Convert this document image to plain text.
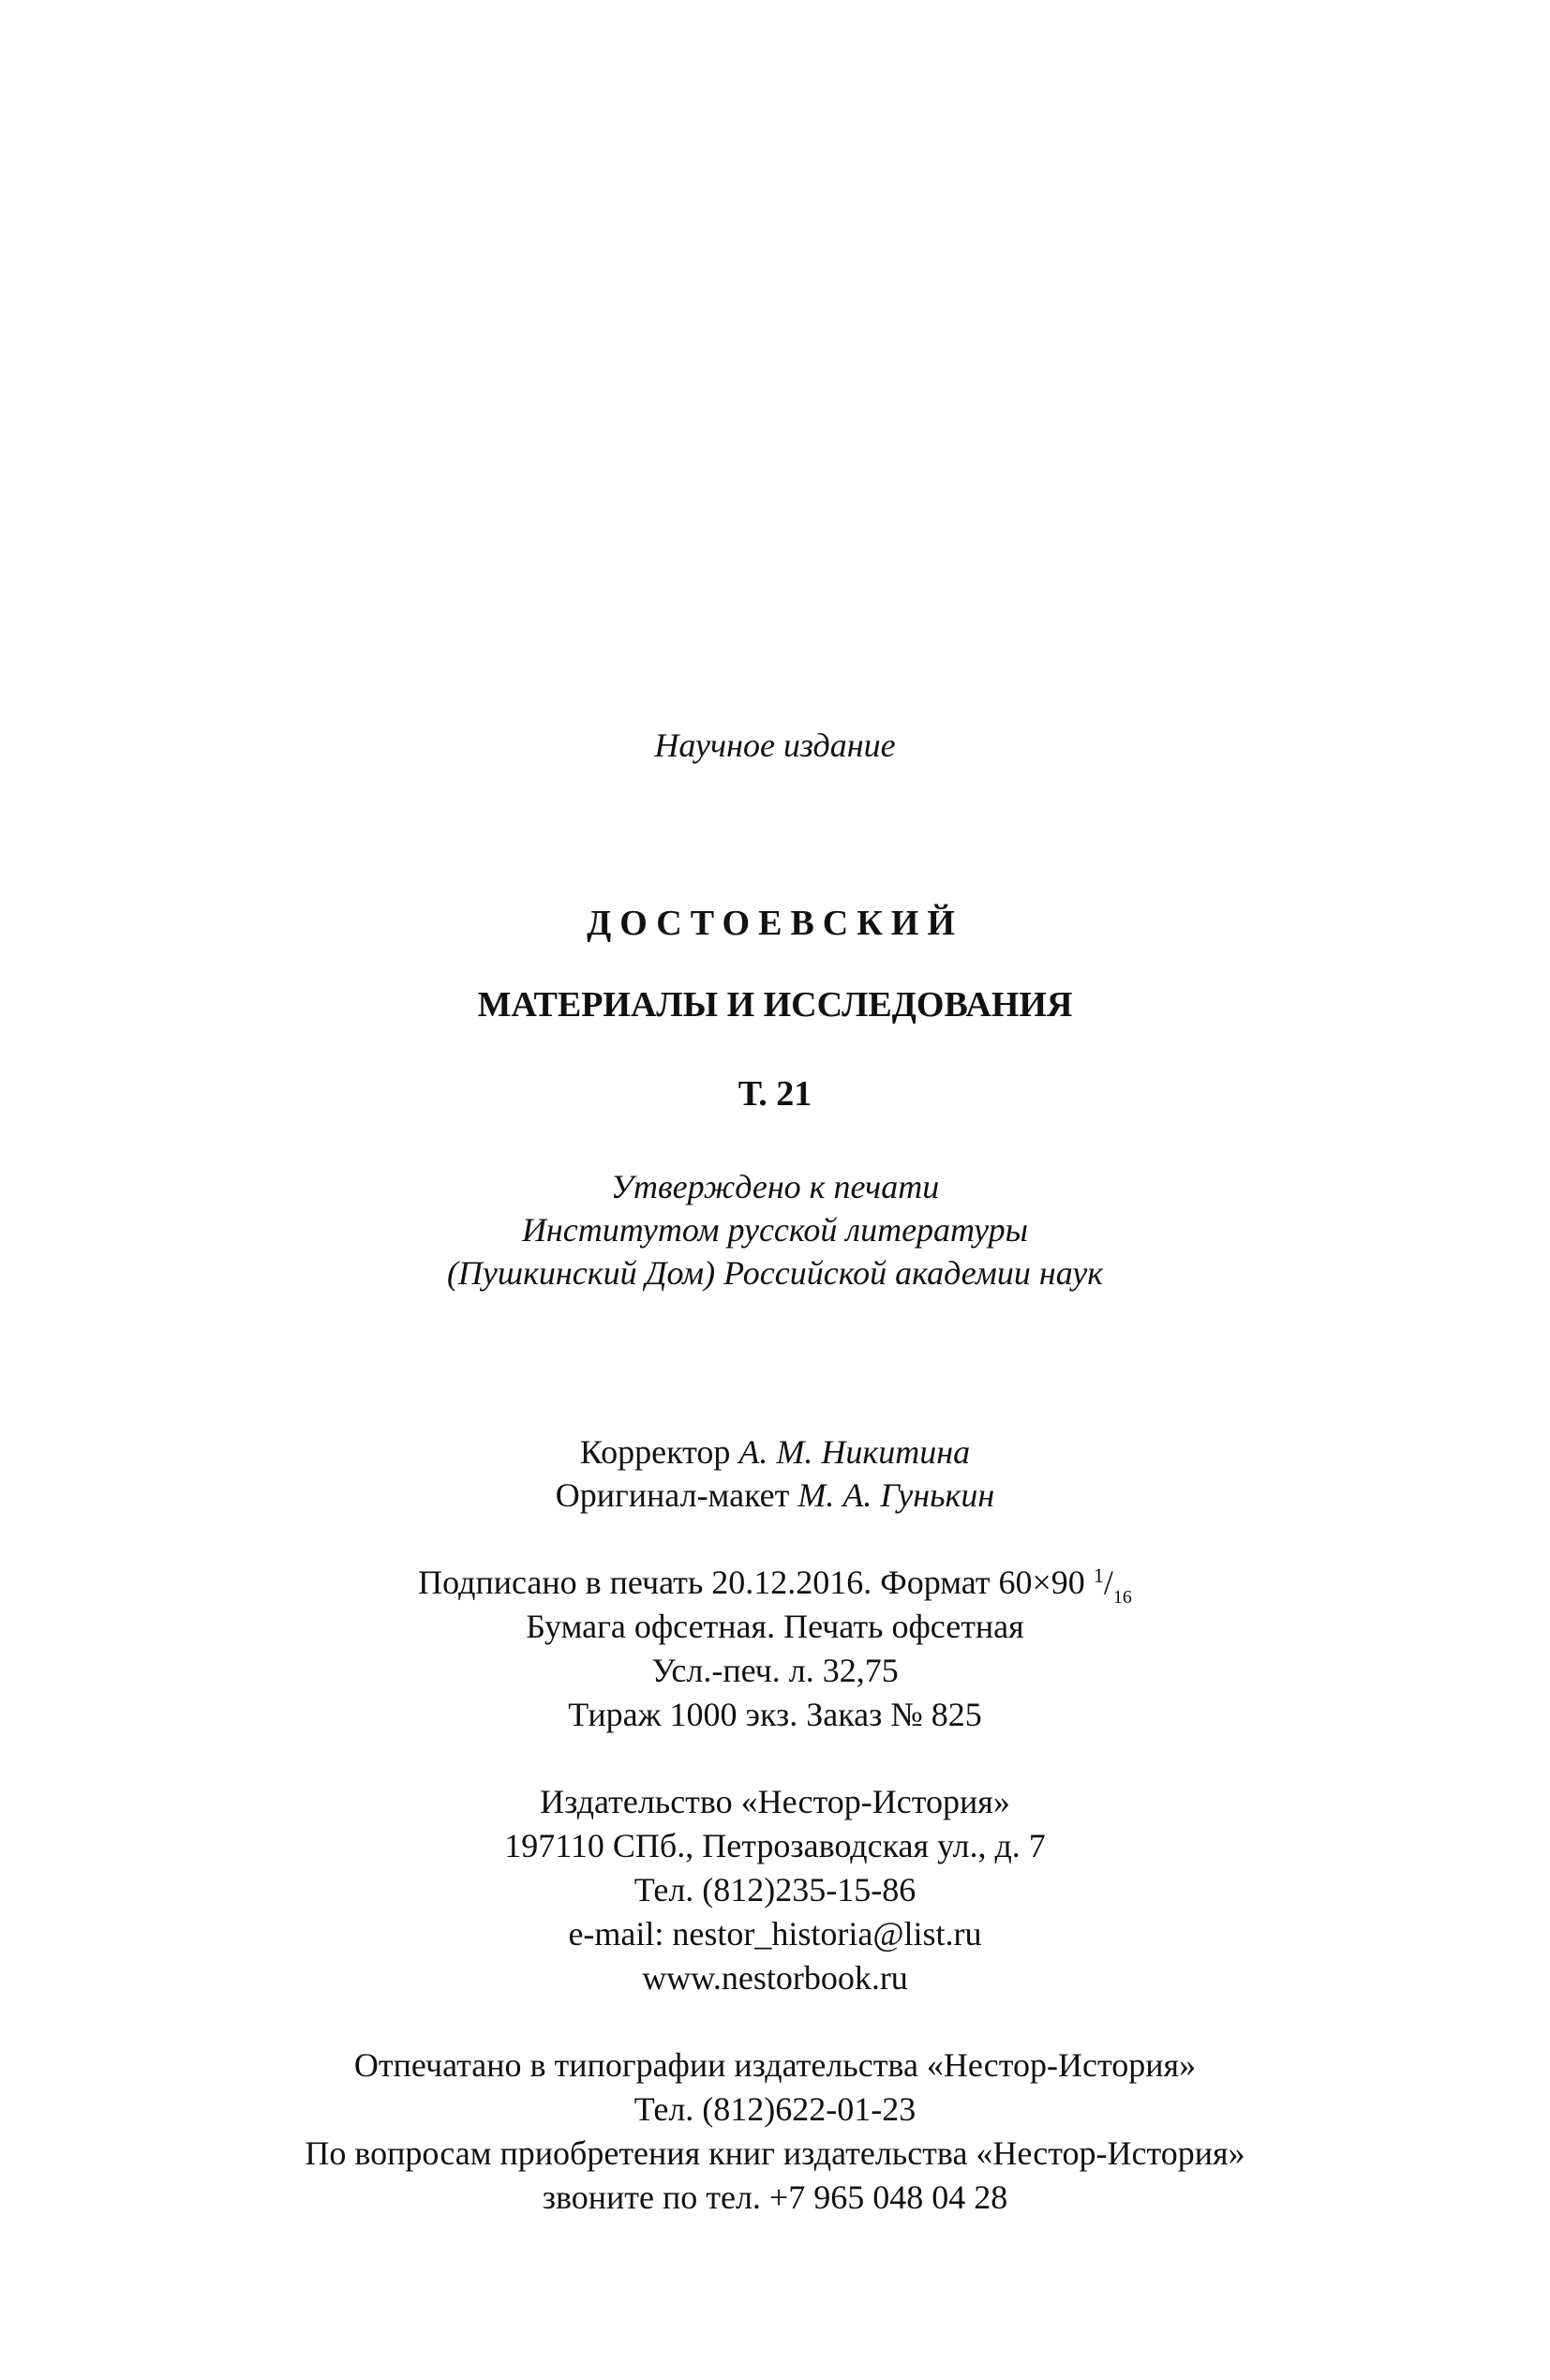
Научное издание
ДОСТОЕВСКИЙ
МАТЕРИАЛЫ И ИССЛЕДОВАНИЯ
Т. 21
Утверждено к печати
Институтом русской литературы
(Пушкинский Дом) Российской академии наук
Корректор А. М. Никитина
Оригинал-макет М. А. Гунькин
Подписано в печать 20.12.2016. Формат 60×90 1/16
Бумага офсетная. Печать офсетная
Усл.-печ. л. 32,75
Тираж 1000 экз. Заказ № 825
Издательство «Нестор-История»
197110 СПб., Петрозаводская ул., д. 7
Тел. (812)235-15-86
e-mail: nestor_historia@list.ru
www.nestorbook.ru
Отпечатано в типографии издательства «Нестор-История»
Тел. (812)622-01-23
По вопросам приобретения книг издательства «Нестор-История»
звоните по тел. +7 965 048 04 28
